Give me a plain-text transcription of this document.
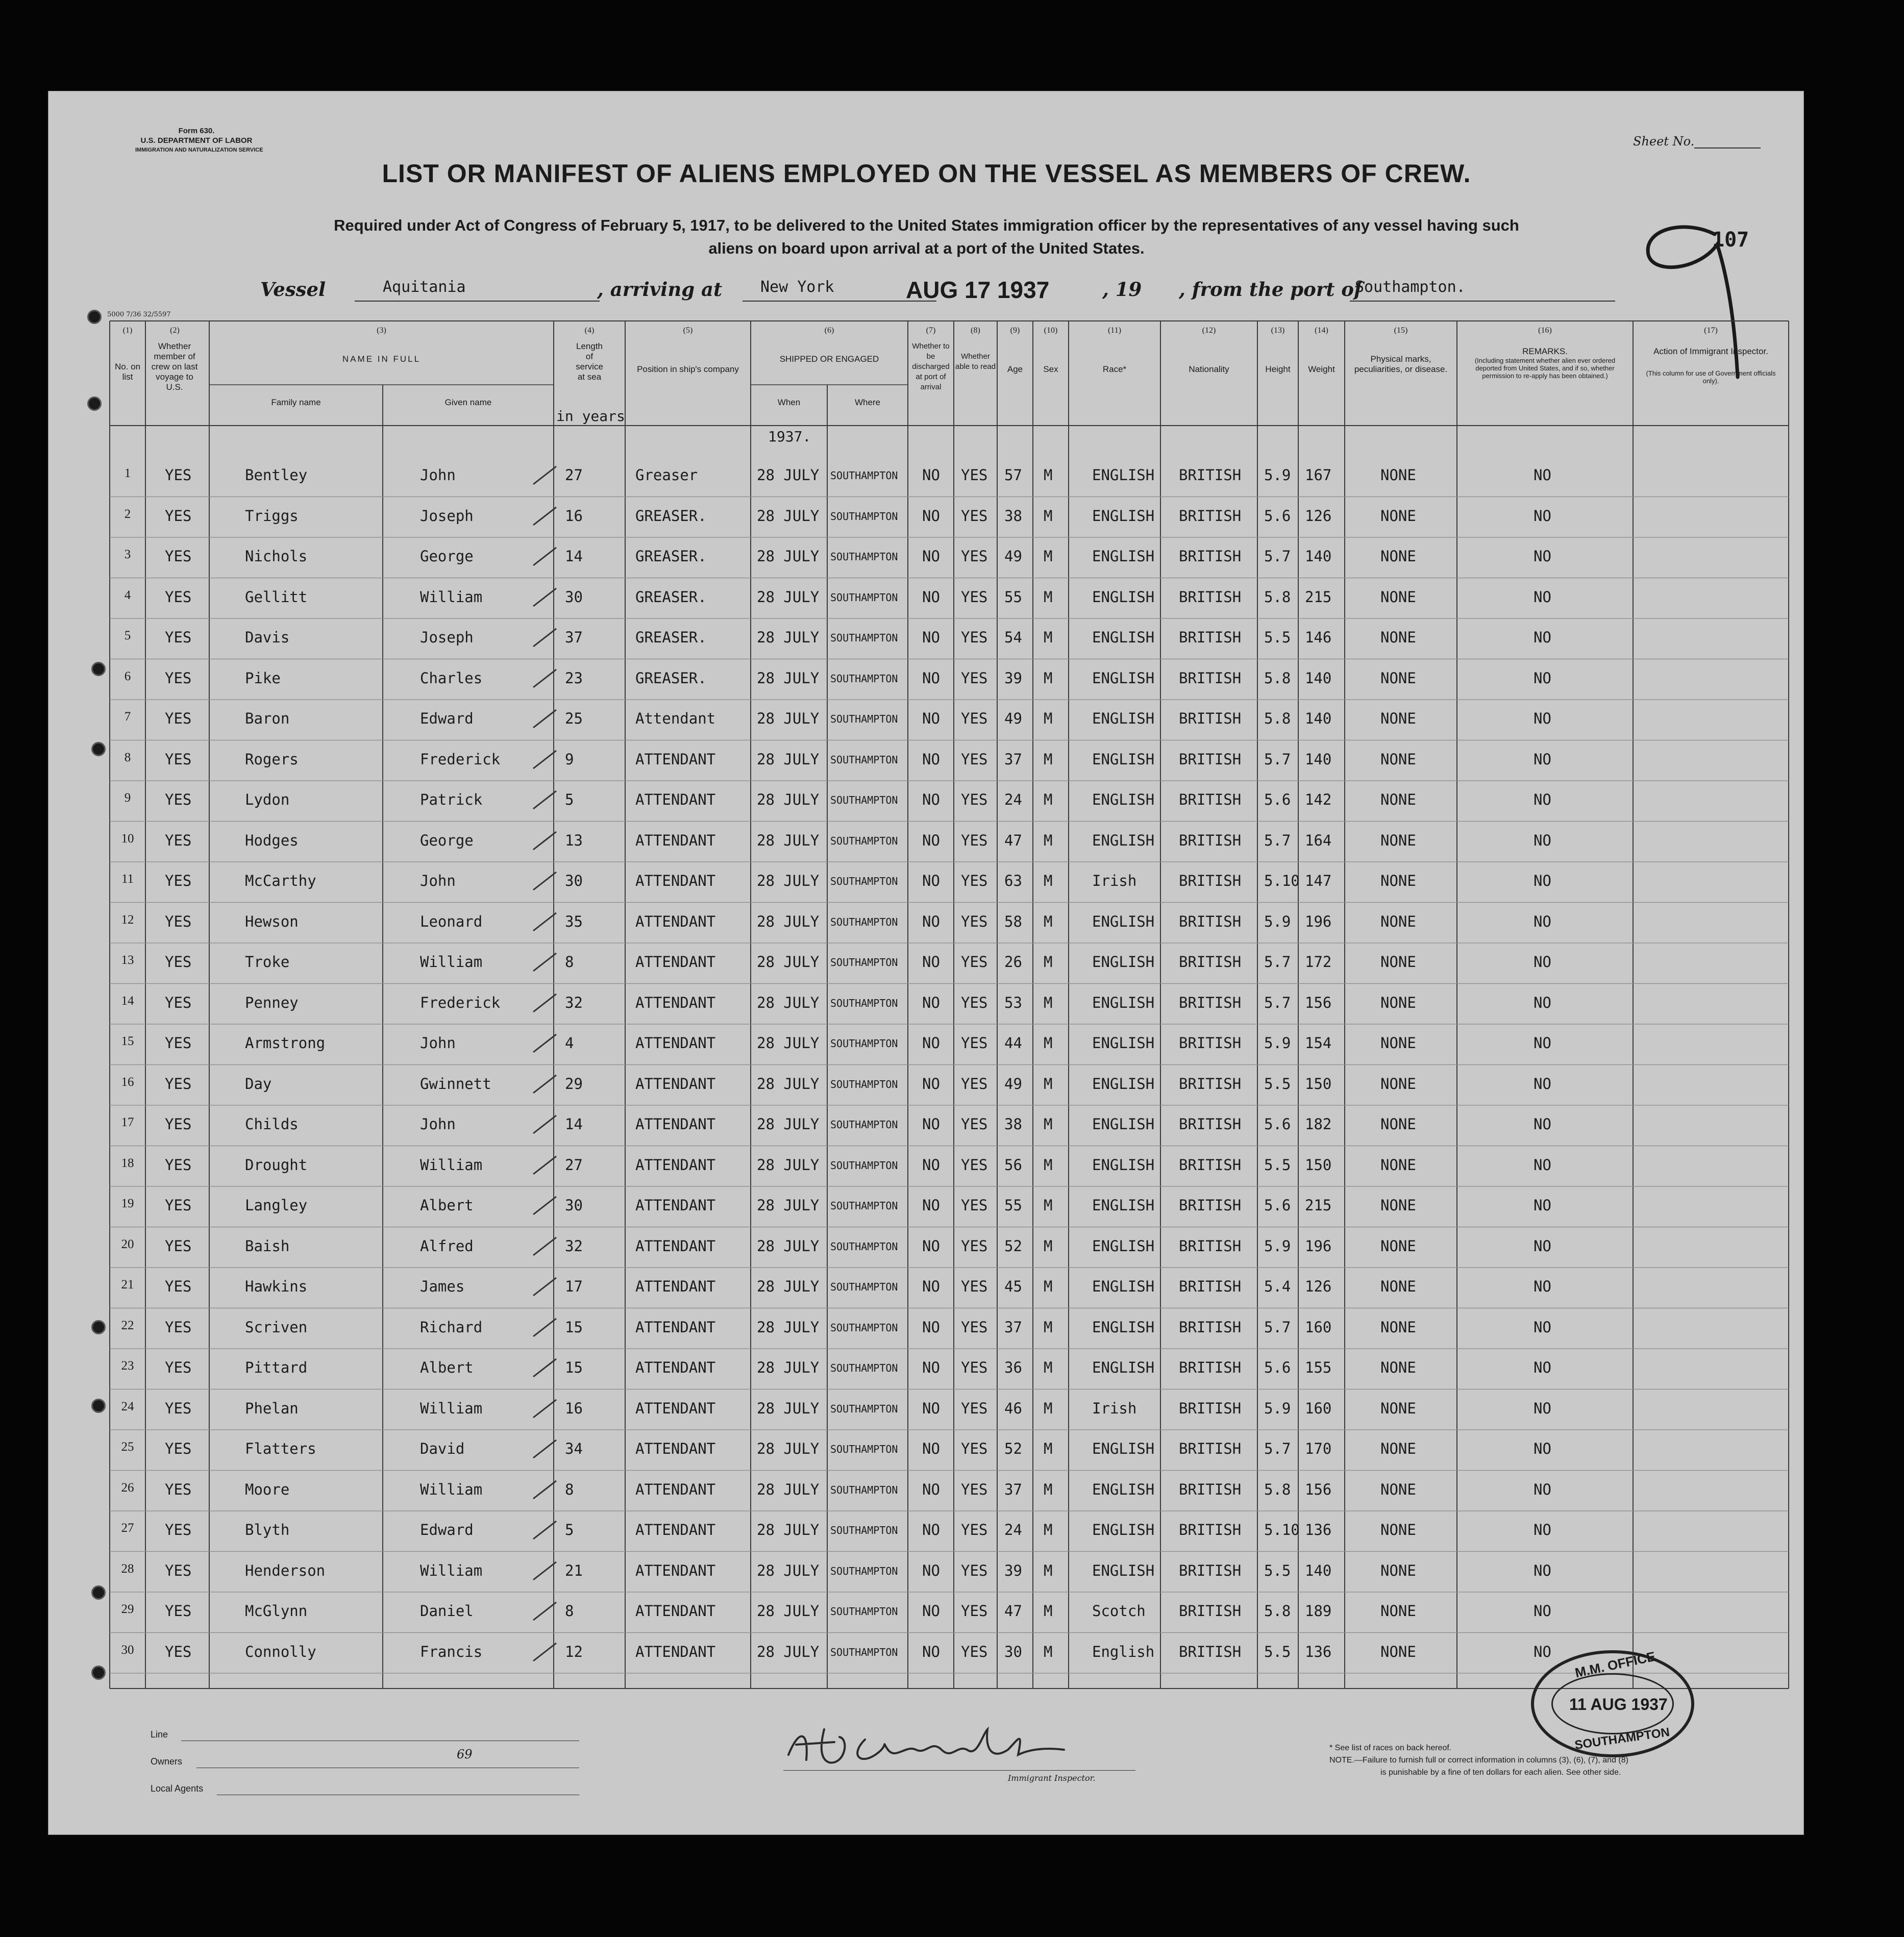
Form 630.
U.S. DEPARTMENT OF LABOR
IMMIGRATION AND NATURALIZATION SERVICE
Sheet No.
LIST OR MANIFEST OF ALIENS EMPLOYED ON THE VESSEL AS MEMBERS OF CREW.
Required under Act of Congress of February 5, 1917, to be delivered to the United States immigration officer by the representatives of any vessel having such
aliens on board upon arrival at a port of the United States.	107
Vessel	Aquitania	, arriving at New York	AUG 17 1937	, 19 , from the port of
Southampton.
5000 7/36 32/5597
(1)
No. on list
(2)
Whether member of crew on last voyage to U.S.
(3)
NAME IN FULL
Family name	Given name
(4)
Length of service at sea
in years
(5)
Position in ship's company
(6)
SHIPPED OR ENGAGED
When	Where
(7)
Whether to be discharged at port of arrival
(8)
Whether able to read
(9)
Age
(10)
Sex
(11)
Race*
(12)
Nationality
(13)
Height
(14)
Weight
(15)
Physical marks, peculiarities, or disease.
(16)
REMARKS.
(Including statement whether alien ever ordered deported from United States, and if so, whether permission to re-apply has been obtained.)
(17)
Action of Immigrant Inspector.
(This column for use of Government officials only).
1937.
1	YES	Bentley	John	27	Greaser	28 JULY SOUTHAMPTON NO YES 57 M	ENGLISH BRITISH 5.9 167	NONE	NO
2	YES	Triggs	Joseph	16	GREASER.	28 JULY SOUTHAMPTON NO YES 38 M	ENGLISH BRITISH 5.6 126	NONE	NO
3	YES	Nichols	George	14	GREASER.	28 JULY SOUTHAMPTON NO YES 49 M	ENGLISH BRITISH 5.7 140	NONE	NO
4	YES	Gellitt	William	30	GREASER.	28 JULY SOUTHAMPTON NO YES 55 M	ENGLISH BRITISH 5.8 215	NONE	NO
5	YES	Davis	Joseph	37	GREASER.	28 JULY SOUTHAMPTON NO YES 54 M	ENGLISH BRITISH 5.5 146	NONE	NO
6	YES	Pike	Charles	23	GREASER.	28 JULY SOUTHAMPTON NO YES 39 M	ENGLISH BRITISH 5.8 140	NONE	NO
7	YES	Baron	Edward	25	Attendant	28 JULY SOUTHAMPTON NO YES 49 M	ENGLISH BRITISH 5.8 140	NONE	NO
8	YES	Rogers	Frederick	9	ATTENDANT	28 JULY SOUTHAMPTON NO YES 37 M	ENGLISH BRITISH 5.7 140	NONE	NO
9	YES	Lydon	Patrick	5	ATTENDANT	28 JULY SOUTHAMPTON NO YES 24 M	ENGLISH BRITISH 5.6 142	NONE	NO
10	YES	Hodges	George	13	ATTENDANT	28 JULY SOUTHAMPTON NO YES 47 M	ENGLISH BRITISH 5.7 164	NONE	NO
11	YES	McCarthy	John	30	ATTENDANT	28 JULY SOUTHAMPTON NO YES 63 M	Irish	BRITISH 5.10 147	NONE	NO
12	YES	Hewson	Leonard	35	ATTENDANT	28 JULY SOUTHAMPTON NO YES 58 M	ENGLISH BRITISH 5.9 196	NONE	NO
13	YES	Troke	William	8	ATTENDANT	28 JULY SOUTHAMPTON NO YES 26 M	ENGLISH BRITISH 5.7 172	NONE	NO
14	YES	Penney	Frederick	32	ATTENDANT	28 JULY SOUTHAMPTON NO YES 53 M	ENGLISH BRITISH 5.7 156	NONE	NO
15	YES	Armstrong	John	4	ATTENDANT	28 JULY SOUTHAMPTON NO YES 44 M	ENGLISH BRITISH 5.9 154	NONE	NO
16	YES	Day	Gwinnett	29	ATTENDANT	28 JULY SOUTHAMPTON NO YES 49 M	ENGLISH BRITISH 5.5 150	NONE	NO
17	YES	Childs	John	14	ATTENDANT	28 JULY SOUTHAMPTON NO YES 38 M	ENGLISH BRITISH 5.6 182	NONE	NO
18	YES	Drought	William	27	ATTENDANT	28 JULY SOUTHAMPTON NO YES 56 M	ENGLISH BRITISH 5.5 150	NONE	NO
19	YES	Langley	Albert	30	ATTENDANT	28 JULY SOUTHAMPTON NO YES 55 M	ENGLISH BRITISH 5.6 215	NONE	NO
20	YES	Baish	Alfred	32	ATTENDANT	28 JULY SOUTHAMPTON NO YES 52 M	ENGLISH BRITISH 5.9 196	NONE	NO
21	YES	Hawkins	James	17	ATTENDANT	28 JULY SOUTHAMPTON NO YES 45 M	ENGLISH BRITISH 5.4 126	NONE	NO
22	YES	Scriven	Richard	15	ATTENDANT	28 JULY SOUTHAMPTON NO YES 37 M	ENGLISH BRITISH 5.7 160	NONE	NO
23	YES	Pittard	Albert	15	ATTENDANT	28 JULY SOUTHAMPTON NO YES 36 M	ENGLISH BRITISH 5.6 155	NONE	NO
24	YES	Phelan	William	16	ATTENDANT	28 JULY SOUTHAMPTON NO YES 46 M	Irish	BRITISH 5.9 160	NONE	NO
25	YES	Flatters	David	34	ATTENDANT	28 JULY SOUTHAMPTON NO YES 52 M	ENGLISH BRITISH 5.7 170	NONE	NO
26	YES	Moore	William	8	ATTENDANT	28 JULY SOUTHAMPTON NO YES 37 M	ENGLISH BRITISH 5.8 156	NONE	NO
27	YES	Blyth	Edward	5	ATTENDANT	28 JULY SOUTHAMPTON NO YES 24 M	ENGLISH BRITISH 5.10 136	NONE	NO
28	YES	Henderson	William	21	ATTENDANT	28 JULY SOUTHAMPTON NO YES 39 M	ENGLISH BRITISH 5.5 140	NONE	NO
29	YES	McGlynn	Daniel	8	ATTENDANT	28 JULY SOUTHAMPTON NO YES 47 M	Scotch BRITISH 5.8 189	NONE	NO
30	YES	Connolly	Francis	12	ATTENDANT	28 JULY SOUTHAMPTON NO YES 30 M	English BRITISH 5.5 136	NONE	NO
Line
Owners	69
Local Agents
Immigrant Inspector.
* See list of races on back hereof.
NOTE.—Failure to furnish full or correct information in columns (3), (6), (7), and (8)
is punishable by a fine of ten dollars for each alien. See other side.
M.M. OFFICE
11 AUG 1937
SOUTHAMPTON
